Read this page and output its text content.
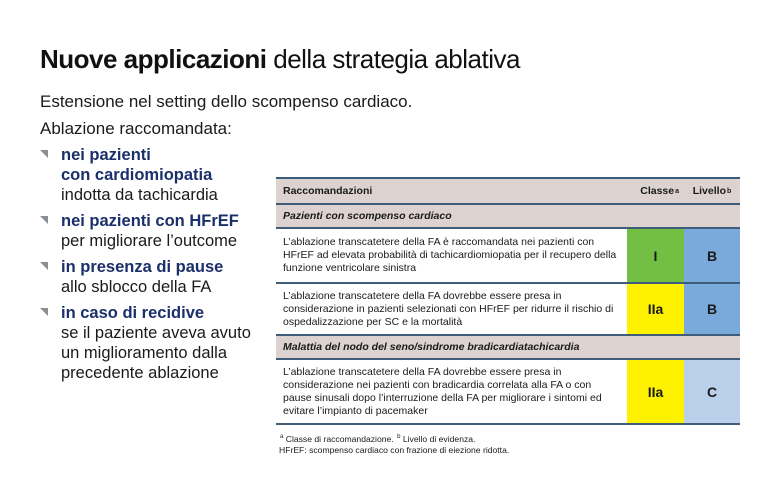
Nuove applicazioni della strategia ablativa
Estensione nel setting dello scompenso cardiaco.
Ablazione raccomandata:
nei pazienti
con cardiomiopatia
indotta da tachicardia
nei pazienti con HFrEF
per migliorare l’outcome
in presenza di pause
allo sblocco della FA
in caso di recidive
se il paziente aveva avuto
un miglioramento dalla
precedente ablazione
Raccomandazioni	Classe a Livello b
Pazienti con scompenso cardiaco
L’ablazione transcatetere della FA è raccomandata nei pazienti con HFrEF ad elevata probabilità di tachicardiomiopatia per il recupero della funzione ventricolare sinistra
I	B
L’ablazione transcatetere della FA dovrebbe essere presa in considerazione in pazienti selezionati con HFrEF per ridurre il rischio di ospedalizzazione per SC e la mortalità
IIa	B
Malattia del nodo del seno/sindrome bradicardiatachicardia
L’ablazione transcatetere della FA dovrebbe essere presa in considerazione nei pazienti con bradicardia correlata alla FA o con pause sinusali dopo l’interruzione della FA per migliorare i sintomi ed evitare l’impianto di pacemaker
IIa	C
$^a$ Classe di raccomandazione. $^b$ Livello di evidenza.
HFrEF: scompenso cardiaco con frazione di eiezione ridotta.
